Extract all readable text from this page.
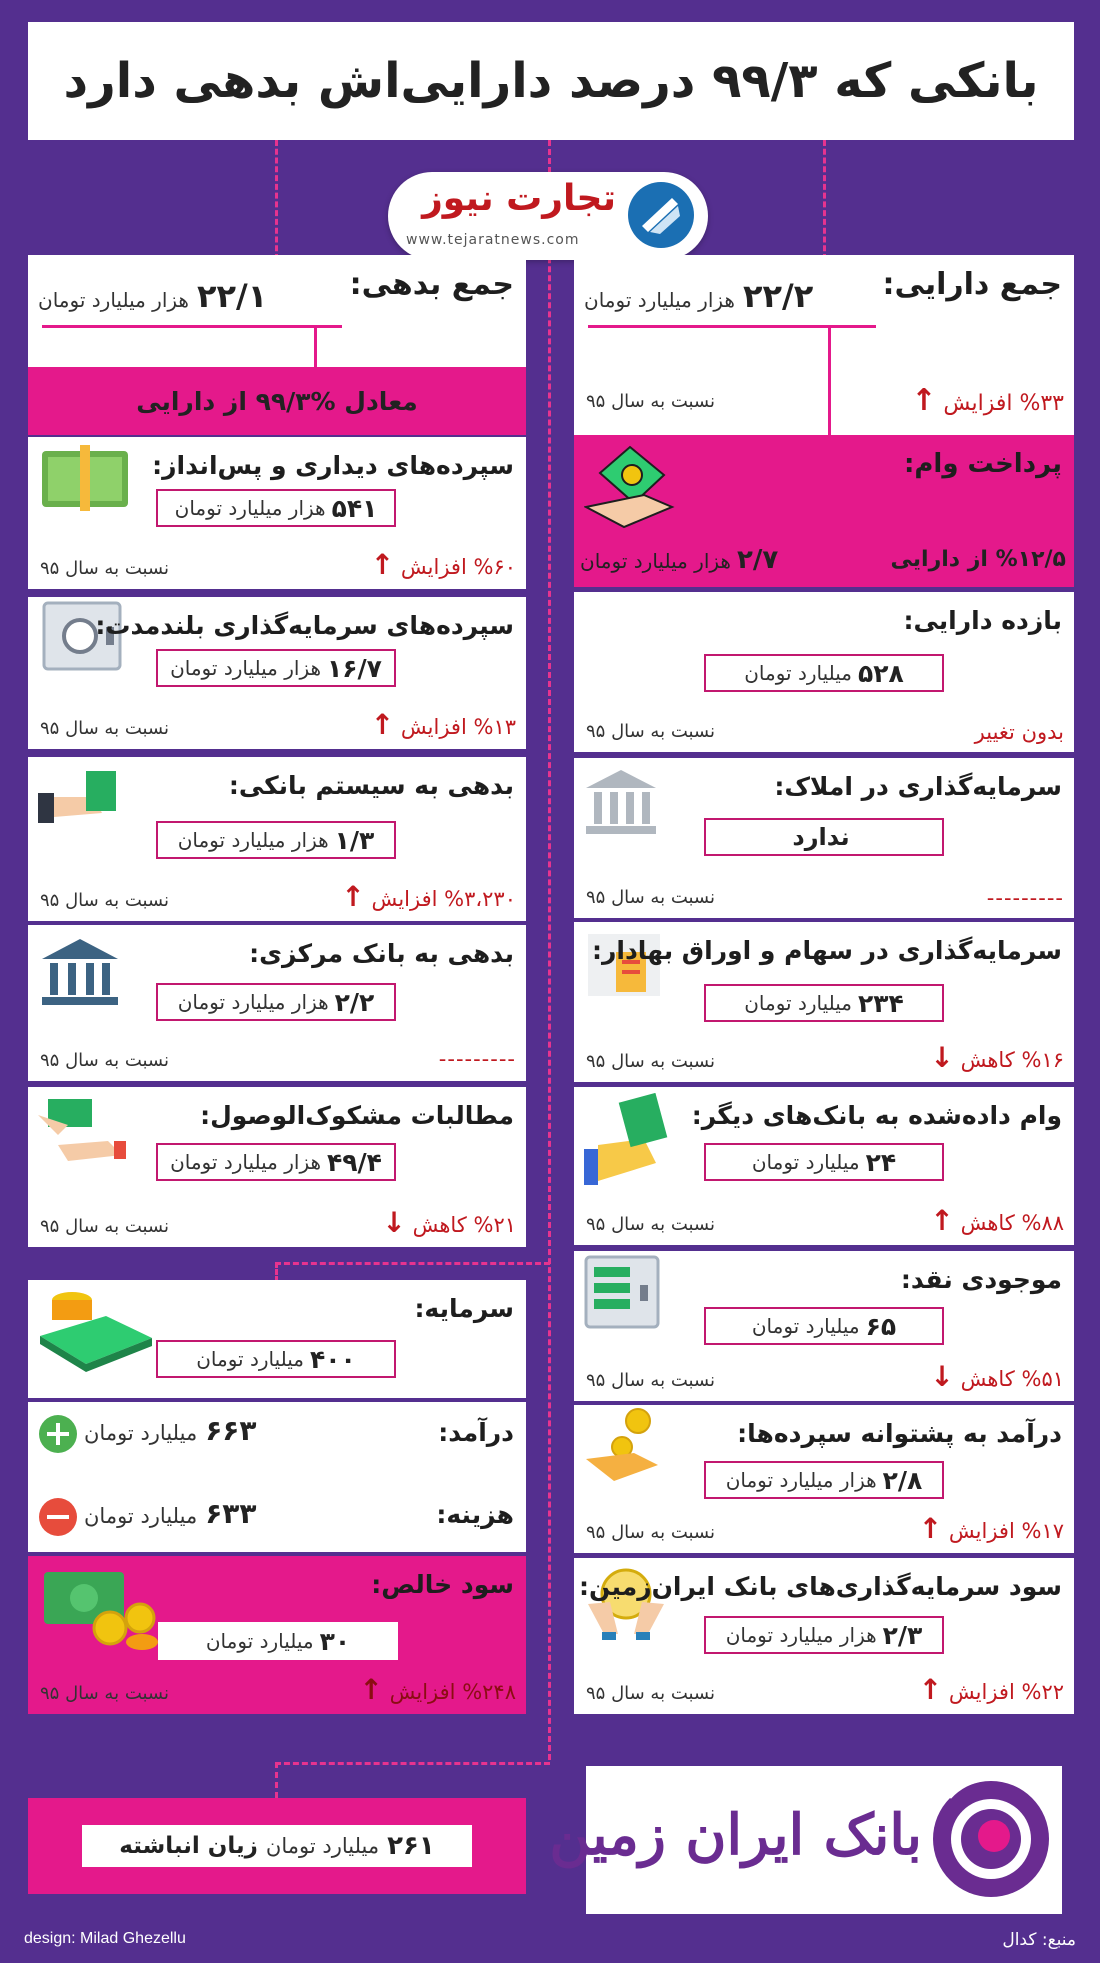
بانکی که ۹۹/۳ درصد دارایی‌اش بدهی دارد
تجارت نیوز
www.tejaratnews.com
جمع بدهی:
۲۲/۱هزار میلیارد تومان
معادل %۹۹/۳ از دارایی
سپرده‌های دیداری و پس‌انداز:
۵۴۱
هزار میلیارد تومان
نسبت به سال ۹۵	%۶۰ افزایش ↑
سپرده‌های سرمایه‌گذاری بلندمدت:
۱۶/۷
هزار میلیارد تومان
نسبت به سال ۹۵	%۱۳ افزایش ↑
بدهی به سیستم بانکی:
۱/۳
هزار میلیارد تومان
نسبت به سال ۹۵	%۳،۲۳۰ افزایش ↑
بدهی به بانک مرکزی:
۲/۲
هزار میلیارد تومان
نسبت به سال ۹۵	---------
مطالبات مشکوک‌الوصول:
۴۹/۴
هزار میلیارد تومان
نسبت به سال ۹۵	%۲۱ کاهش ↓
سرمایه:
۴۰۰
میلیارد تومان
۶۶۳میلیارد تومان	درآمد:
۶۳۳میلیارد تومان	هزینه:
سود خالص:
۳۰
میلیارد تومان
نسبت به سال ۹۵	%۲۴۸ افزایش ↑
۲۶۱
میلیارد تومان
زیان انباشته
جمع دارایی:
۲۲/۲هزار میلیارد تومان
نسبت به سال ۹۵	%۳۳ افزایش ↑
پرداخت وام:
۲/۷هزار میلیارد تومان	%۱۲/۵ از دارایی
بازده دارایی:
۵۲۸
میلیارد تومان
نسبت به سال ۹۵	بدون تغییر
سرمایه‌گذاری در املاک:
ندارد
نسبت به سال ۹۵	---------
سرمایه‌گذاری در سهام و اوراق بهادار:
۲۳۴
میلیارد تومان
نسبت به سال ۹۵	%۱۶ کاهش ↓
وام داده‌شده به بانک‌های دیگر:
۲۴
میلیارد تومان
نسبت به سال ۹۵	%۸۸ کاهش ↑
موجودی نقد:
۶۵
میلیارد تومان
نسبت به سال ۹۵	%۵۱ کاهش ↓
درآمد به پشتوانه سپرده‌ها:
۲/۸
هزار میلیارد تومان
نسبت به سال ۹۵	%۱۷ افزایش ↑
سود سرمایه‌گذاری‌های بانک ایران‌زمین:
۲/۳
هزار میلیارد تومان
نسبت به سال ۹۵	%۲۲ افزایش ↑
بانک ایران زمین
design: Milad Ghezellu	منبع: کدال
